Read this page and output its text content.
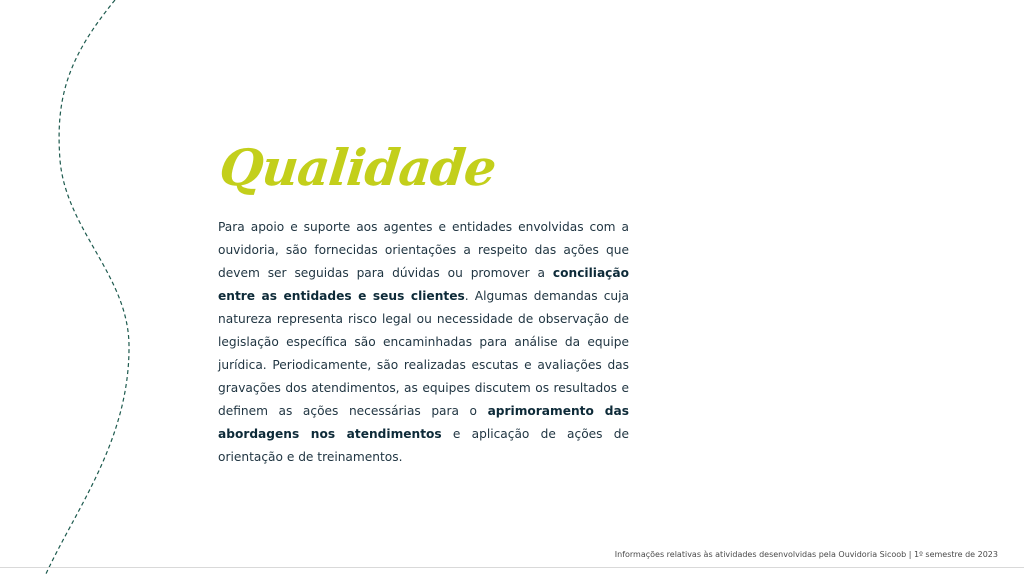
Qualidade

Para apoio e suporte aos agentes e entidades envolvidas com a ouvidoria, são fornecidas orientações a respeito das ações que devem ser seguidas para dúvidas ou promover a conciliação entre as entidades e seus clientes. Algumas demandas cuja natureza representa risco legal ou necessidade de observação de legislação específica são encaminhadas para análise da equipe jurídica. Periodicamente, são realizadas escutas e avaliações das gravações dos atendimentos, as equipes discutem os resultados e definem as ações necessárias para o aprimoramento das abordagens nos atendimentos e aplicação de ações de orientação e de treinamentos.

Informações relativas às atividades desenvolvidas pela Ouvidoria Sicoob | 1º semestre de 2023
